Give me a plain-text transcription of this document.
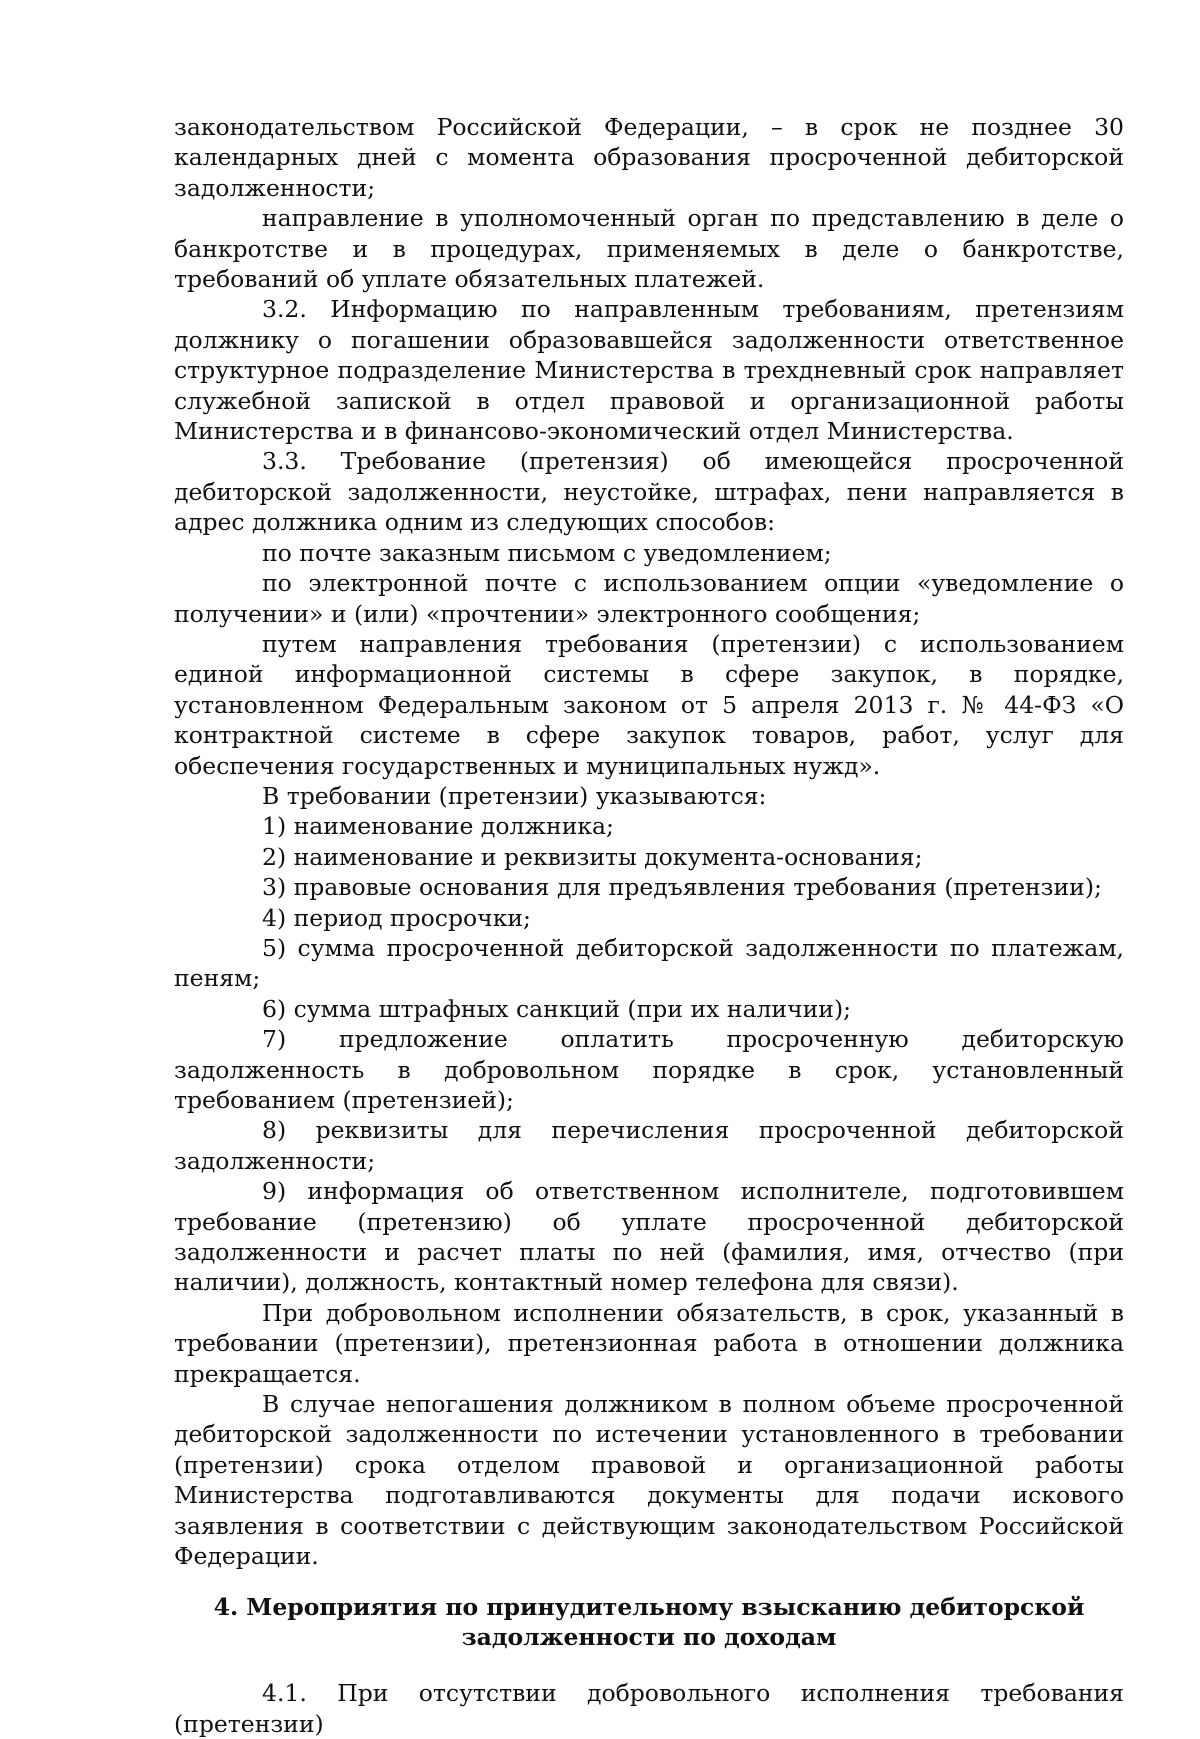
законодательством Российской Федерации, – в срок не позднее 30 календарных дней с момента образования просроченной дебиторской задолженности;

направление в уполномоченный орган по представлению в деле о банкротстве и в процедурах, применяемых в деле о банкротстве, требований об уплате обязательных платежей.

3.2. Информацию по направленным требованиям, претензиям должнику о погашении образовавшейся задолженности ответственное структурное подразделение Министерства в трехдневный срок направляет служебной запиской в отдел правовой и организационной работы Министерства и в финансово-экономический отдел Министерства.

3.3. Требование (претензия) об имеющейся просроченной дебиторской задолженности, неустойке, штрафах, пени направляется в адрес должника одним из следующих способов:

по почте заказным письмом с уведомлением;

по электронной почте с использованием опции «уведомление о получении» и (или) «прочтении» электронного сообщения;

путем направления требования (претензии) с использованием единой информационной системы в сфере закупок, в порядке, установленном Федеральным законом от 5 апреля 2013 г. № 44-ФЗ «О контрактной системе в сфере закупок товаров, работ, услуг для обеспечения государственных и муниципальных нужд».

В требовании (претензии) указываются:

1) наименование должника;

2) наименование и реквизиты документа-основания;

3) правовые основания для предъявления требования (претензии);

4) период просрочки;

5) сумма просроченной дебиторской задолженности по платежам, пеням;

6) сумма штрафных санкций (при их наличии);

7) предложение оплатить просроченную дебиторскую задолженность в добровольном порядке в срок, установленный требованием (претензией);

8) реквизиты для перечисления просроченной дебиторской задолженности;

9) информация об ответственном исполнителе, подготовившем требование (претензию) об уплате просроченной дебиторской задолженности и расчет платы по ней (фамилия, имя, отчество (при наличии), должность, контактный номер телефона для связи).

При добровольном исполнении обязательств, в срок, указанный в требовании (претензии), претензионная работа в отношении должника прекращается.

В случае непогашения должником в полном объеме просроченной дебиторской задолженности по истечении установленного в требовании (претензии) срока отделом правовой и организационной работы Министерства подготавливаются документы для подачи искового заявления в соответствии с действующим законодательством Российской Федерации.

4. Мероприятия по принудительному взысканию дебиторской
задолженности по доходам

4.1. При отсутствии добровольного исполнения требования (претензии)
